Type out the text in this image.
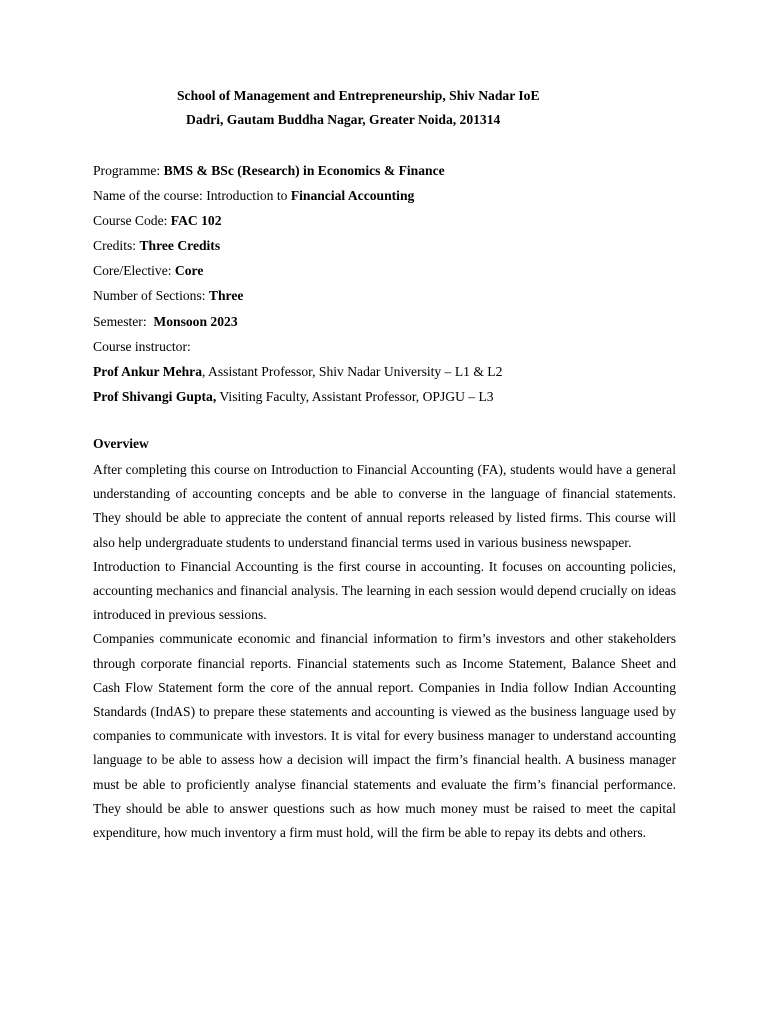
School of Management and Entrepreneurship, Shiv Nadar IoE
Dadri, Gautam Buddha Nagar, Greater Noida, 201314
Programme: BMS & BSc (Research) in Economics & Finance
Name of the course: Introduction to Financial Accounting
Course Code: FAC 102
Credits: Three Credits
Core/Elective: Core
Number of Sections: Three
Semester:  Monsoon 2023
Course instructor:
Prof Ankur Mehra, Assistant Professor, Shiv Nadar University – L1 & L2
Prof Shivangi Gupta, Visiting Faculty, Assistant Professor, OPJGU – L3
Overview

After completing this course on Introduction to Financial Accounting (FA), students would have a general understanding of accounting concepts and be able to converse in the language of financial statements. They should be able to appreciate the content of annual reports released by listed firms. This course will also help undergraduate students to understand financial terms used in various business newspaper.

Introduction to Financial Accounting is the first course in accounting. It focuses on accounting policies, accounting mechanics and financial analysis. The learning in each session would depend crucially on ideas introduced in previous sessions.

Companies communicate economic and financial information to firm’s investors and other stakeholders through corporate financial reports. Financial statements such as Income Statement, Balance Sheet and Cash Flow Statement form the core of the annual report. Companies in India follow Indian Accounting Standards (IndAS) to prepare these statements and accounting is viewed as the business language used by companies to communicate with investors. It is vital for every business manager to understand accounting language to be able to assess how a decision will impact the firm’s financial health. A business manager must be able to proficiently analyse financial statements and evaluate the firm’s financial performance. They should be able to answer questions such as how much money must be raised to meet the capital expenditure, how much inventory a firm must hold, will the firm be able to repay its debts and others.
